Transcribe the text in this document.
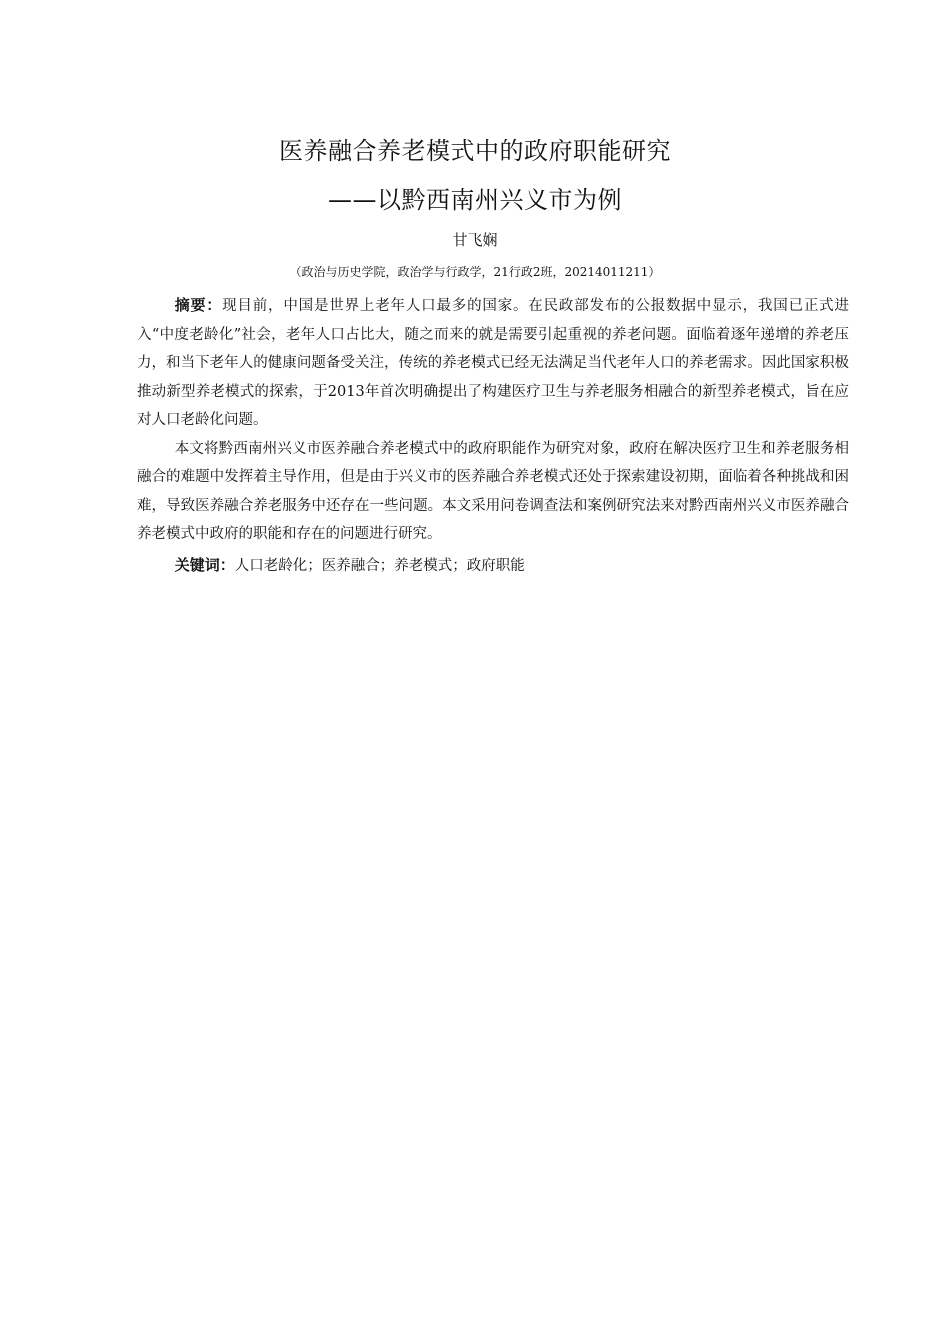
医养融合养老模式中的政府职能研究
——以黔西南州兴义市为例
甘飞娴
（政治与历史学院，政治学与行政学，21行政2班，20214011211）

摘要：现目前，中国是世界上老年人口最多的国家。在民政部发布的公报数据中显示，我国已正式进入“中度老龄化”社会，老年人口占比大，随之而来的就是需要引起重视的养老问题。面临着逐年递增的养老压力，和当下老年人的健康问题备受关注，传统的养老模式已经无法满足当代老年人口的养老需求。因此国家积极推动新型养老模式的探索，于2013年首次明确提出了构建医疗卫生与养老服务相融合的新型养老模式，旨在应对人口老龄化问题。

本文将黔西南州兴义市医养融合养老模式中的政府职能作为研究对象，政府在解决医疗卫生和养老服务相融合的难题中发挥着主导作用，但是由于兴义市的医养融合养老模式还处于探索建设初期，面临着各种挑战和困难，导致医养融合养老服务中还存在一些问题。本文采用问卷调查法和案例研究法来对黔西南州兴义市医养融合养老模式中政府的职能和存在的问题进行研究。

关键词：人口老龄化；医养融合；养老模式；政府职能
